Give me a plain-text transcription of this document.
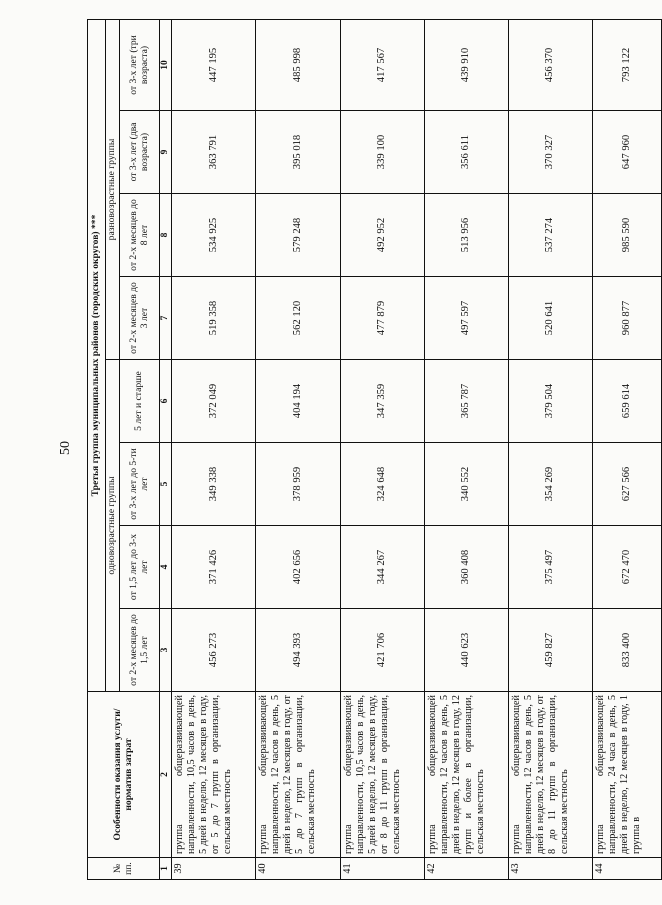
50
№ пп.	Особенности оказания услуги/норматив затрат	Третья группа муниципальных районов (городских округов) ***							
		одновозрастные группы				разновозрастные группы			
		от 2-х месяцев до 1,5 лет	от 1,5 лет до 3-х лет	от 3-х лет до 5-ти лет	5 лет и старше	от 2-х месяцев до 3 лет	от 2-х месяцев до 8 лет	от 3-х лет (два возраста)	от 3-х лет (три возраста)
1	2	3	4	5	6	7	8	9	10
39	группа общеразвивающей направленности, 10,5 часов в день, 5 дней в неделю, 12 месяцев в году, от 5 до 7 групп в организации, сельская местность	456 273	371 426	349 338	372 049	519 358	534 925	363 791	447 195
40	группа общеразвивающей направленности, 12 часов в день, 5 дней в неделю, 12 месяцев в году, от 5 до 7 групп в организации, сельская местность	494 393	402 656	378 959	404 194	562 120	579 248	395 018	485 998
41	группа общеразвивающей направленности, 10,5 часов в день, 5 дней в неделю, 12 месяцев в году, от 8 до 11 групп в организации, сельская местность	421 706	344 267	324 648	347 359	477 879	492 952	339 100	417 567
42	группа общеразвивающей направленности, 12 часов в день, 5 дней в неделю, 12 месяцев в году, 12 групп и более в организации, сельская местность	440 623	360 408	340 552	365 787	497 597	513 956	356 611	439 910
43	группа общеразвивающей направленности, 12 часов в день, 5 дней в неделю, 12 месяцев в году, от 8 до 11 групп в организации, сельская местность	459 827	375 497	354 269	379 504	520 641	537 274	370 327	456 370
44	группа общеразвивающей направленности, 24 часа в день, 5 дней в неделю, 12 месяцев в году, 1 группа в	833 400	672 470	627 566	659 614	960 877	985 590	647 960	793 122
